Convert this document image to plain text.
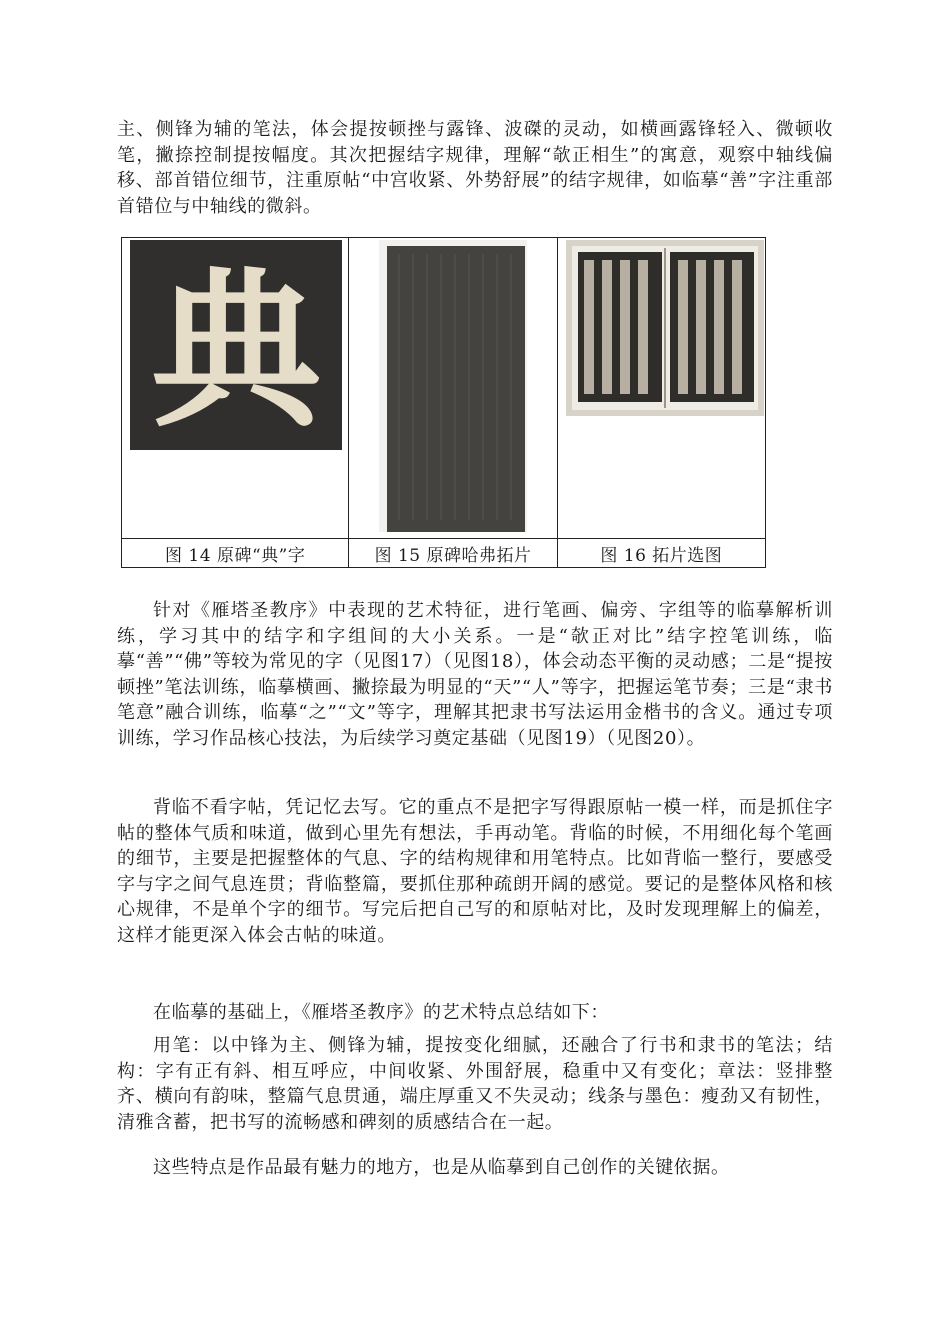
主、侧锋为辅的笔法，体会提按顿挫与露锋、波磔的灵动，如横画露锋轻入、微顿收笔，撇捺控制提按幅度。其次把握结字规律，理解“欹正相生”的寓意，观察中轴线偏移、部首错位细节，注重原帖“中宫收紧、外势舒展”的结字规律，如临摹“善”字注重部首错位与中轴线的微斜。

典

图 14 原碑“典”字	图 15 原碑哈弗拓片	图 16 拓片选图

针对《雁塔圣教序》中表现的艺术特征，进行笔画、偏旁、字组等的临摹解析训练，学习其中的结字和字组间的大小关系。一是“欹正对比”结字控笔训练，临摹“善”“佛”等较为常见的字（见图17）（见图18），体会动态平衡的灵动感；二是“提按顿挫”笔法训练，临摹横画、撇捺最为明显的“天”“人”等字，把握运笔节奏；三是“隶书笔意”融合训练，临摹“之”“文”等字，理解其把隶书写法运用金楷书的含义。通过专项训练，学习作品核心技法，为后续学习奠定基础（见图19）（见图20）。

背临不看字帖，凭记忆去写。它的重点不是把字写得跟原帖一模一样，而是抓住字帖的整体气质和味道，做到心里先有想法，手再动笔。背临的时候，不用细化每个笔画的细节，主要是把握整体的气息、字的结构规律和用笔特点。比如背临一整行，要感受字与字之间气息连贯；背临整篇，要抓住那种疏朗开阔的感觉。要记的是整体风格和核心规律，不是单个字的细节。写完后把自己写的和原帖对比，及时发现理解上的偏差，这样才能更深入体会古帖的味道。

在临摹的基础上，《雁塔圣教序》的艺术特点总结如下：

用笔：以中锋为主、侧锋为辅，提按变化细腻，还融合了行书和隶书的笔法；结构：字有正有斜、相互呼应，中间收紧、外围舒展，稳重中又有变化；章法：竖排整齐、横向有韵味，整篇气息贯通，端庄厚重又不失灵动；线条与墨色：瘦劲又有韧性，清雅含蓄，把书写的流畅感和碑刻的质感结合在一起。

这些特点是作品最有魅力的地方，也是从临摹到自己创作的关键依据。
